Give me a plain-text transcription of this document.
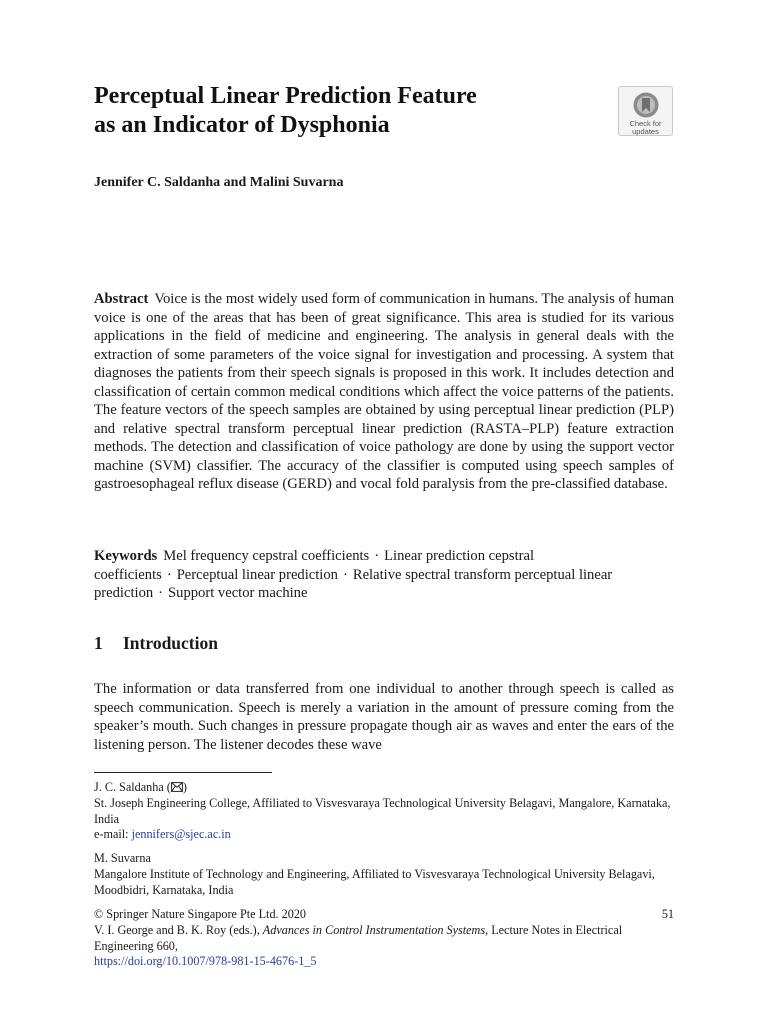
Perceptual Linear Prediction Feature
as an Indicator of Dysphonia	Check for
updates
Jennifer C. Saldanha and Malini Suvarna
Abstract Voice is the most widely used form of communication in humans. The analysis of human voice is one of the areas that has been of great significance. This area is studied for its various applications in the field of medicine and engineering. The analysis in general deals with the extraction of some parameters of the voice signal for investigation and processing. A system that diagnoses the patients from their speech signals is proposed in this work. It includes detection and classification of certain common medical conditions which affect the voice patterns of the patients. The feature vectors of the speech samples are obtained by using perceptual linear prediction (PLP) and relative spectral transform perceptual linear prediction (RASTA–PLP) feature extraction methods. The detection and classification of voice pathology are done by using the support vector machine (SVM) classifier. The accuracy of the classifier is computed using speech samples of gastroesophageal reflux disease (GERD) and vocal fold paralysis from the pre-classified database.
Keywords Mel frequency cepstral coefficients · Linear prediction cepstral coefficients · Perceptual linear prediction · Relative spectral transform perceptual linear prediction · Support vector machine
1 Introduction
The information or data transferred from one individual to another through speech is called as speech communication. Speech is merely a variation in the amount of pressure coming from the speaker’s mouth. Such changes in pressure propagate though air as waves and enter the ears of the listening person. The listener decodes these wave
J. C. Saldanha ( )
St. Joseph Engineering College, Affiliated to Visvesvaraya Technological University Belagavi, Mangalore, Karnataka, India
e-mail: jennifers@sjec.ac.in
M. Suvarna
Mangalore Institute of Technology and Engineering, Affiliated to Visvesvaraya Technological University Belagavi, Moodbidri, Karnataka, India
51
© Springer Nature Singapore Pte Ltd. 2020
V. I. George and B. K. Roy (eds.), Advances in Control Instrumentation Systems, Lecture Notes in Electrical Engineering 660,
https://doi.org/10.1007/978-981-15-4676-1_5
